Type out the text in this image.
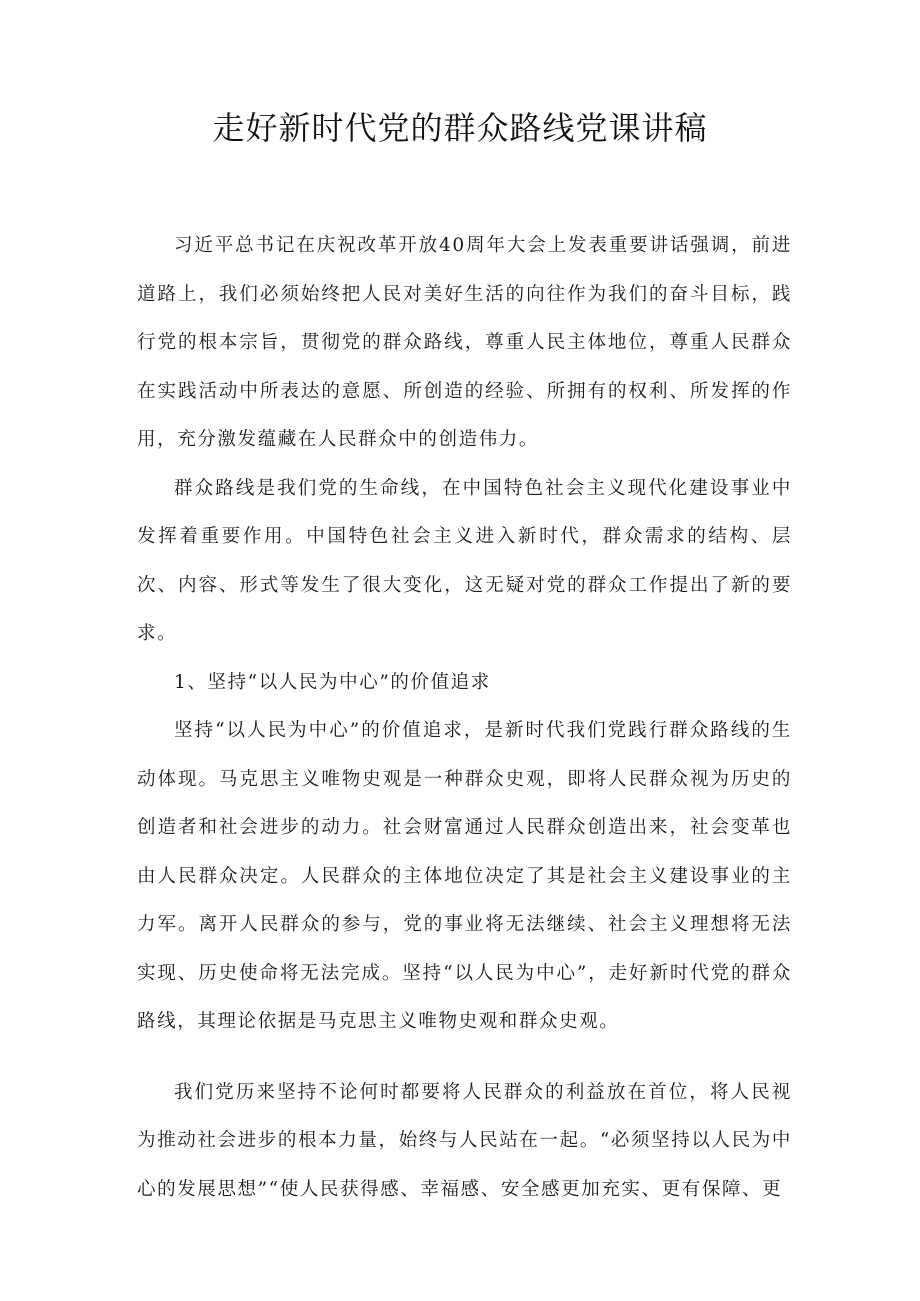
走好新时代党的群众路线党课讲稿

习近平总书记在庆祝改革开放40周年大会上发表重要讲话强调，前进道路上，我们必须始终把人民对美好生活的向往作为我们的奋斗目标，践行党的根本宗旨，贯彻党的群众路线，尊重人民主体地位，尊重人民群众在实践活动中所表达的意愿、所创造的经验、所拥有的权利、所发挥的作用，充分激发蕴藏在人民群众中的创造伟力。

群众路线是我们党的生命线，在中国特色社会主义现代化建设事业中发挥着重要作用。中国特色社会主义进入新时代，群众需求的结构、层次、内容、形式等发生了很大变化，这无疑对党的群众工作提出了新的要求。

1、坚持“以人民为中心”的价值追求

坚持“以人民为中心”的价值追求，是新时代我们党践行群众路线的生动体现。马克思主义唯物史观是一种群众史观，即将人民群众视为历史的创造者和社会进步的动力。社会财富通过人民群众创造出来，社会变革也由人民群众决定。人民群众的主体地位决定了其是社会主义建设事业的主力军。离开人民群众的参与，党的事业将无法继续、社会主义理想将无法实现、历史使命将无法完成。坚持“以人民为中心”，走好新时代党的群众路线，其理论依据是马克思主义唯物史观和群众史观。

我们党历来坚持不论何时都要将人民群众的利益放在首位，将人民视为推动社会进步的根本力量，始终与人民站在一起。“必须坚持以人民为中心的发展思想”“使人民获得感、幸福感、安全感更加充实、更有保障、更
